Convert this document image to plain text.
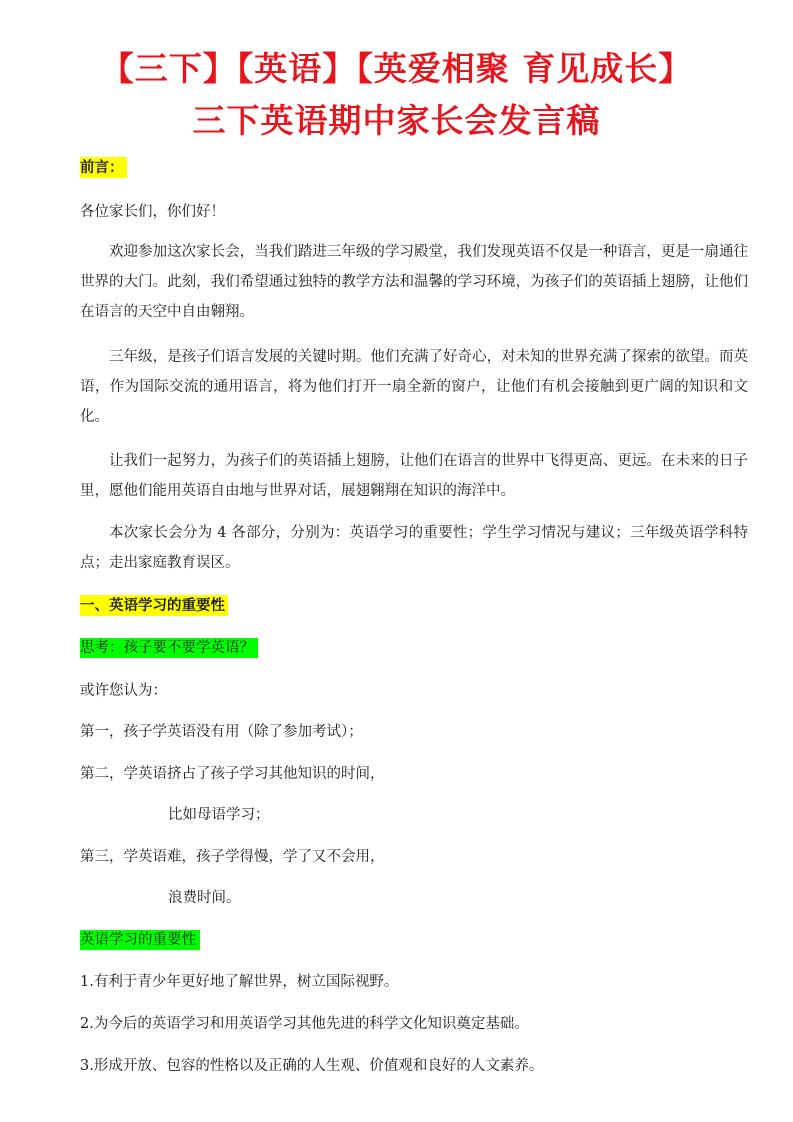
【三下】【英语】【英爱相聚 育见成长】
三下英语期中家长会发言稿

前言：

各位家长们，你们好！

欢迎参加这次家长会，当我们踏进三年级的学习殿堂，我们发现英语不仅是一种语言，更是一扇通往世界的大门。此刻，我们希望通过独特的教学方法和温馨的学习环境，为孩子们的英语插上翅膀，让他们在语言的天空中自由翱翔。

三年级，是孩子们语言发展的关键时期。他们充满了好奇心，对未知的世界充满了探索的欲望。而英语，作为国际交流的通用语言，将为他们打开一扇全新的窗户，让他们有机会接触到更广阔的知识和文化。

让我们一起努力，为孩子们的英语插上翅膀，让他们在语言的世界中飞得更高、更远。在未来的日子里，愿他们能用英语自由地与世界对话，展翅翱翔在知识的海洋中。

本次家长会分为 4 各部分，分别为：英语学习的重要性；学生学习情况与建议；三年级英语学科特点；走出家庭教育误区。

一、英语学习的重要性

思考：孩子要不要学英语？

或许您认为：

第一，孩子学英语没有用（除了参加考试）；

第二，学英语挤占了孩子学习其他知识的时间，

比如母语学习；

第三，学英语难，孩子学得慢，学了又不会用，

浪费时间。

英语学习的重要性

1.有利于青少年更好地了解世界，树立国际视野。

2.为今后的英语学习和用英语学习其他先进的科学文化知识奠定基础。

3.形成开放、包容的性格以及正确的人生观、价值观和良好的人文素养。
